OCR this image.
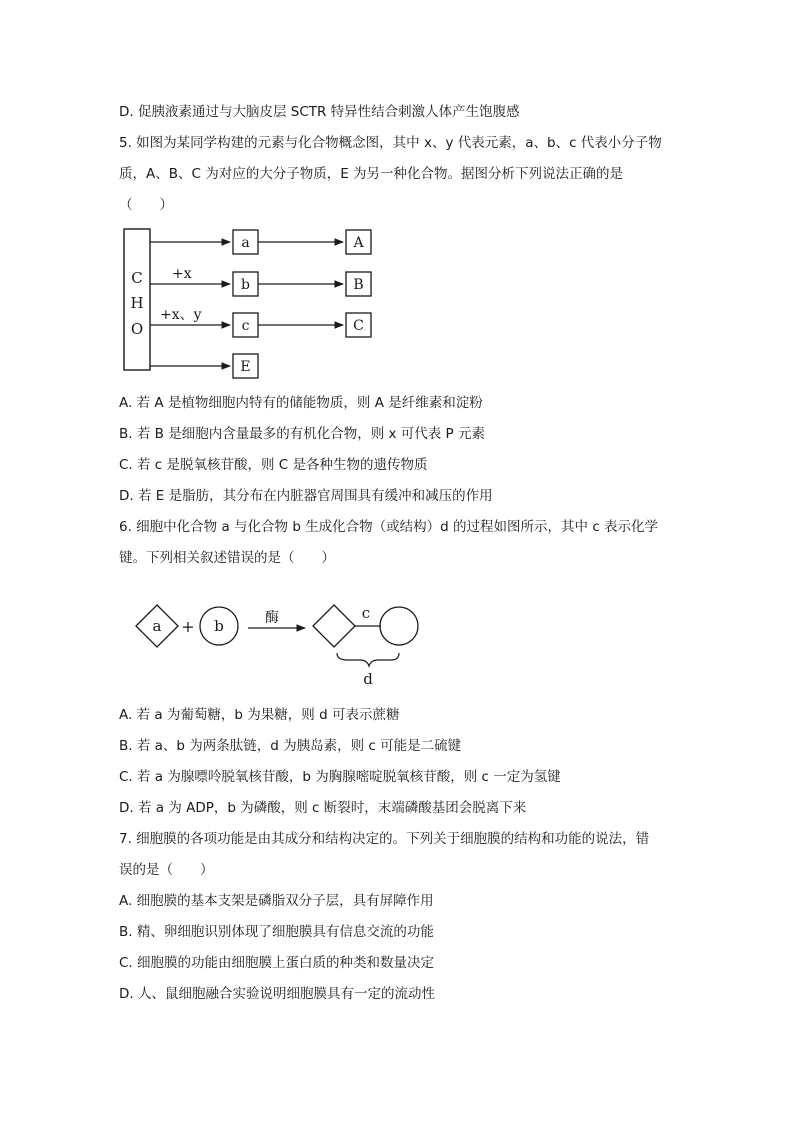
D. 促胰液素通过与大脑皮层 SCTR 特异性结合刺激人体产生饱腹感
5. 如图为某同学构建的元素与化合物概念图，其中 x、y 代表元素，a、b、c 代表小分子物
质，A、B、C 为对应的大分子物质，E 为另一种化合物。据图分析下列说法正确的是
（　　）
C
H
O
+x
+x、y
a
b
c
E
A
B
C
a + b	酶	c
d
A. 若 A 是植物细胞内特有的储能物质，则 A 是纤维素和淀粉
B. 若 B 是细胞内含量最多的有机化合物，则 x 可代表 P 元素
C. 若 c 是脱氧核苷酸，则 C 是各种生物的遗传物质
D. 若 E 是脂肪，其分布在内脏器官周围具有缓冲和减压的作用
6. 细胞中化合物 a 与化合物 b 生成化合物（或结构）d 的过程如图所示，其中 c 表示化学
键。下列相关叙述错误的是（　　）
A. 若 a 为葡萄糖，b 为果糖，则 d 可表示蔗糖
B. 若 a、b 为两条肽链，d 为胰岛素，则 c 可能是二硫键
C. 若 a 为腺嘌呤脱氧核苷酸，b 为胸腺嘧啶脱氧核苷酸，则 c 一定为氢键
D. 若 a 为 ADP，b 为磷酸，则 c 断裂时，末端磷酸基团会脱离下来
7. 细胞膜的各项功能是由其成分和结构决定的。下列关于细胞膜的结构和功能的说法，错
误的是（　　）
A. 细胞膜的基本支架是磷脂双分子层，具有屏障作用
B. 精、卵细胞识别体现了细胞膜具有信息交流的功能
C. 细胞膜的功能由细胞膜上蛋白质的种类和数量决定
D. 人、鼠细胞融合实验说明细胞膜具有一定的流动性
